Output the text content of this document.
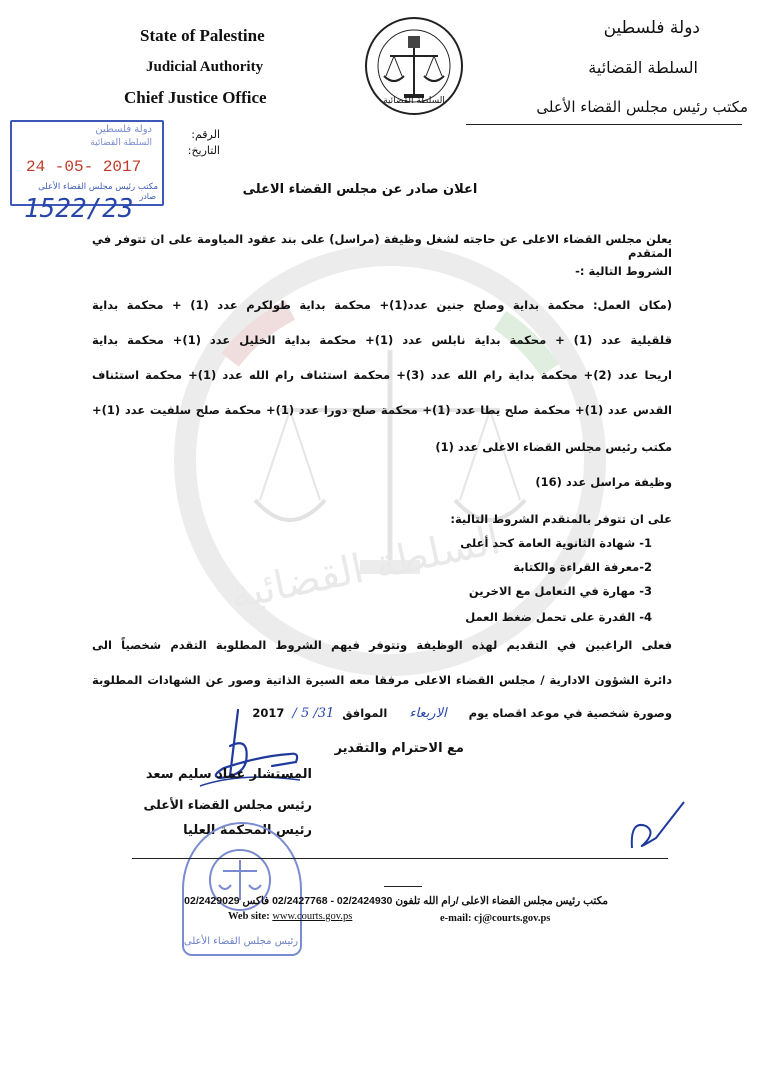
السلطة القضائية
State of Palestine
Judicial Authority
Chief Justice Office	السلطة القضائية
دولة فلسطين
السلطة القضائية
مكتب رئيس مجلس القضاء الأعلى
الرقم:
التاريخ:
دولة فلسطين
السلطة القضائية
24 -05- 2017
مكتب رئيس مجلس القضاء الأعلى
صادر
1522/23
اعلان صادر عن مجلس القضاء الاعلى
يعلن مجلس القضاء الاعلى عن حاجته لشغل وظيفة (مراسل) على بند عقود المياومة على ان تتوفر في المتقدم
الشروط التالية :-
(مكان العمل: محكمة بداية وصلح جنين عدد(1)+ محكمة بداية طولكرم عدد (1) + محكمة بداية
قلقيلية عدد (1) + محكمة بداية نابلس عدد (1)+ محكمة بداية الخليل عدد (1)+ محكمة بداية
اريحا عدد (2)+ محكمة بداية رام الله عدد (3)+ محكمة استئناف رام الله عدد (1)+ محكمة استئناف
القدس عدد (1)+ محكمة صلح يطا عدد (1)+ محكمة صلح دورا عدد (1)+ محكمة صلح سلفيت عدد (1)+
مكتب رئيس مجلس القضاء الاعلى عدد (1)
وظيفة مراسل عدد (16)
على ان تتوفر بالمتقدم الشروط التالية:
1- شهادة الثانوية العامة كحد أعلى
2-معرفة القراءة والكتابة
3- مهارة في التعامل مع الاخرين
4- القدرة على تحمل ضغط العمل
فعلى الراغبين في التقديم لهذه الوظيفة وتتوفر فيهم الشروط المطلوبة التقدم شخصياً الى
دائرة الشؤون الادارية / مجلس القضاء الاعلى مرفقا معه السيرة الذاتية وصور عن الشهادات المطلوبة
وصورة شخصية في موعد اقصاه يوم الاربعاء الموافق 31/ 5 / 2017
مع الاحترام والتقدير
المستشار عماد سليم سعد
رئيس مجلس القضاء الأعلى
رئيس المحكمة العليا
رئيس مجلس القضاء الأعلى
مكتب رئيس مجلس القضاء الاعلى /رام الله تلفون 02/2424930 - 02/2427768 فاكس 02/2429029
Web site: www.courts.gov.ps	e-mail: cj@courts.gov.ps
